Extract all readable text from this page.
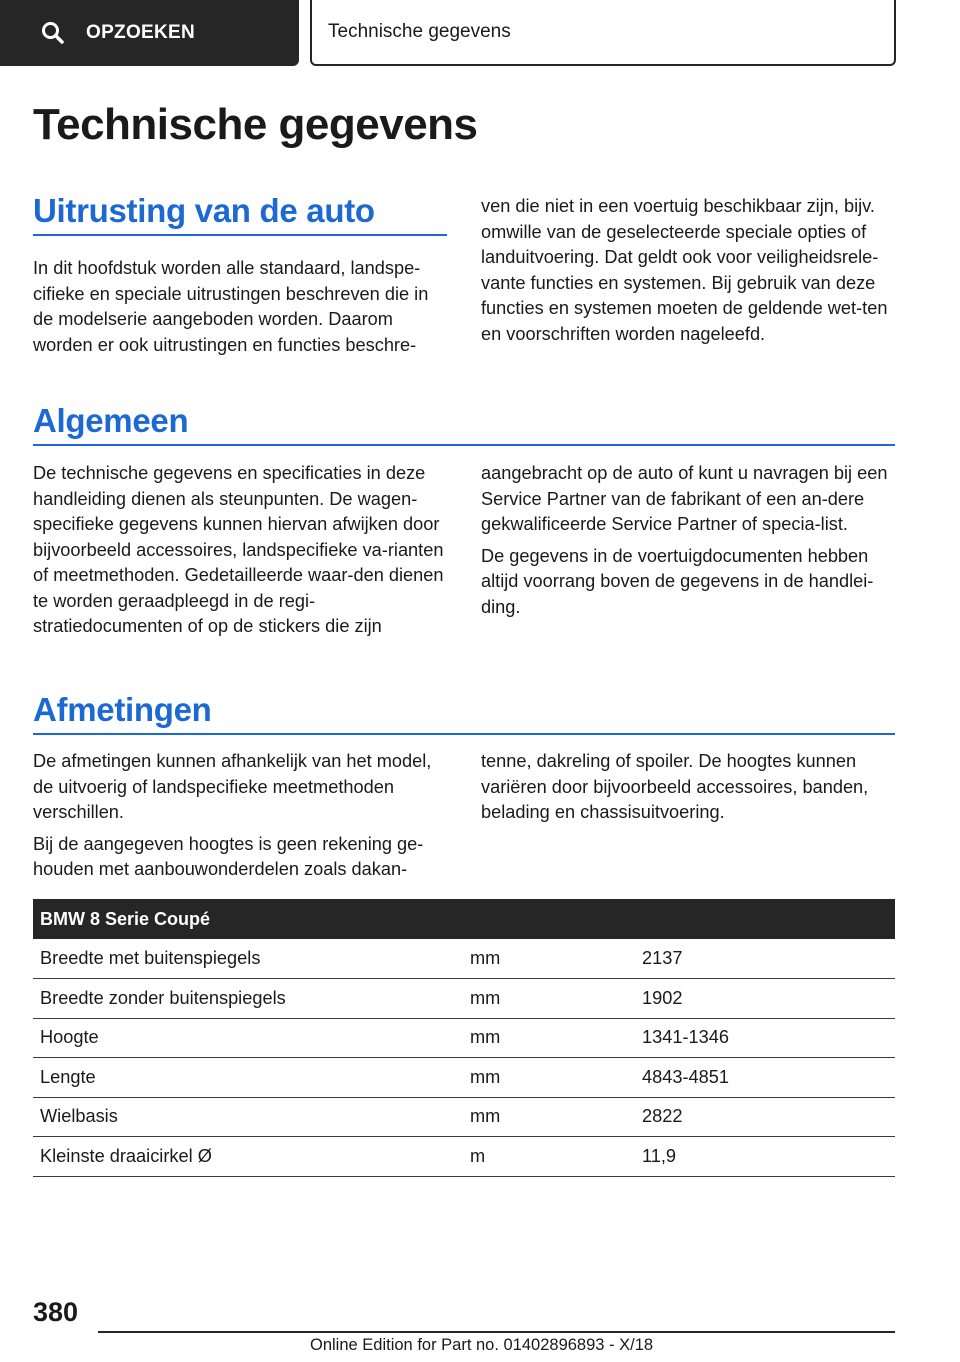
OPZOEKEN	Technische gegevens
Technische gegevens
Uitrusting van de auto

In dit hoofdstuk worden alle standaard, landspe-cifieke en speciale uitrustingen beschreven die in de modelserie aangeboden worden. Daarom worden er ook uitrustingen en functies beschre-

ven die niet in een voertuig beschikbaar zijn, bijv. omwille van de geselecteerde speciale opties of landuitvoering. Dat geldt ook voor veiligheidsrele-vante functies en systemen. Bij gebruik van deze functies en systemen moeten de geldende wet-ten en voorschriften worden nageleefd.

Algemeen

De technische gegevens en specificaties in deze handleiding dienen als steunpunten. De wagen-specifieke gegevens kunnen hiervan afwijken door bijvoorbeeld accessoires, landspecifieke va-rianten of meetmethoden. Gedetailleerde waar-den dienen te worden geraadpleegd in de regi-stratiedocumenten of op de stickers die zijn

aangebracht op de auto of kunt u navragen bij een Service Partner van de fabrikant of een an-dere gekwalificeerde Service Partner of specia-list.

De gegevens in de voertuigdocumenten hebben altijd voorrang boven de gegevens in de handlei-ding.

Afmetingen

De afmetingen kunnen afhankelijk van het model, de uitvoerig of landspecifieke meetmethoden verschillen.

Bij de aangegeven hoogtes is geen rekening ge-houden met aanbouwonderdelen zoals dakan-

tenne, dakreling of spoiler. De hoogtes kunnen variëren door bijvoorbeeld accessoires, banden, belading en chassisuitvoering.

BMW 8 Serie Coupé		
Breedte met buitenspiegels	mm	2137
Breedte zonder buitenspiegels	mm	1902
Hoogte	mm	1341-1346
Lengte	mm	4843-4851
Wielbasis	mm	2822
Kleinste draaicirkel Ø	m	11,9
380
Online Edition for Part no. 01402896893 - X/18
